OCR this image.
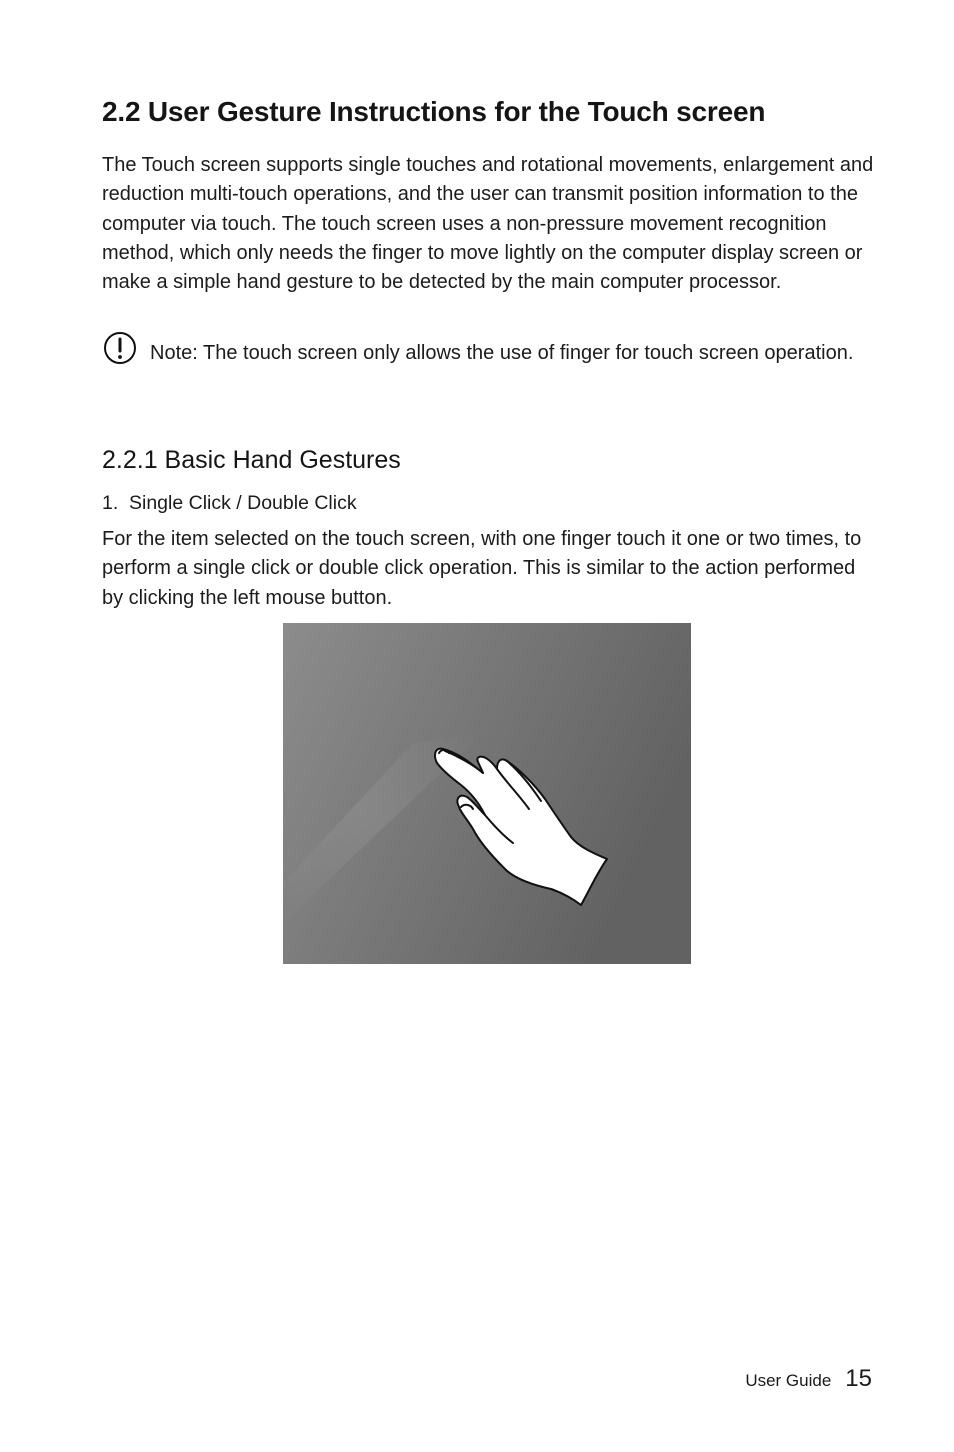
2.2 User Gesture Instructions for the Touch screen

The Touch screen supports single touches and rotational movements, enlargement and reduction multi-touch operations, and the user can transmit position information to the computer via touch. The touch screen uses a non-pressure movement recognition method, which only needs the finger to move lightly on the computer display screen or make a simple hand gesture to be detected by the main computer processor.

Note: The touch screen only allows the use of finger for touch screen operation.

2.2.1 Basic Hand Gestures

1. Single Click / Double Click

For the item selected on the touch screen, with one finger touch it one or two times, to perform a single click or double click operation. This is similar to the action performed by clicking the left mouse button.

User Guide 15
